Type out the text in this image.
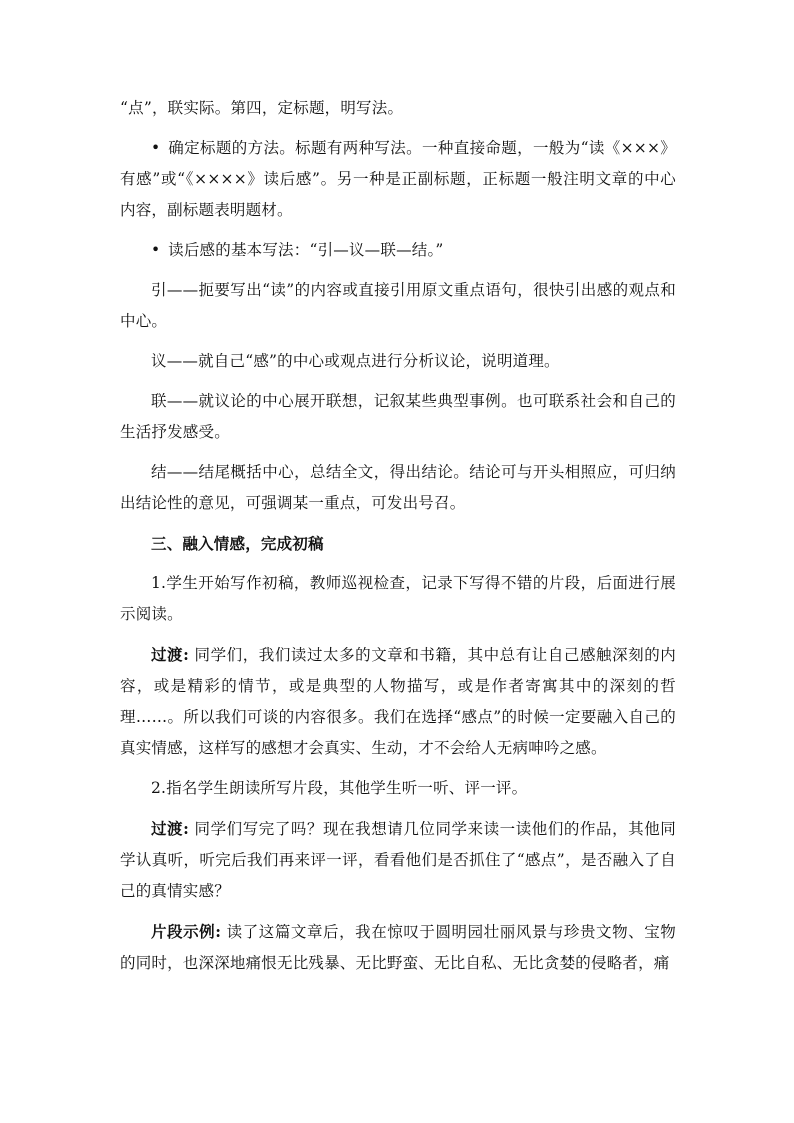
“点”，联实际。第四，定标题，明写法。

• 确定标题的方法。标题有两种写法。一种直接命题，一般为“读《×××》有感”或“《××××》读后感”。另一种是正副标题，正标题一般注明文章的中心内容，副标题表明题材。

• 读后感的基本写法：“引—议—联—结。”

引——扼要写出“读”的内容或直接引用原文重点语句，很快引出感的观点和中心。

议——就自己“感”的中心或观点进行分析议论，说明道理。

联——就议论的中心展开联想，记叙某些典型事例。也可联系社会和自己的生活抒发感受。

结——结尾概括中心，总结全文，得出结论。结论可与开头相照应，可归纳出结论性的意见，可强调某一重点，可发出号召。

三、融入情感，完成初稿

1.学生开始写作初稿，教师巡视检查，记录下写得不错的片段，后面进行展示阅读。

过渡: 同学们，我们读过太多的文章和书籍，其中总有让自己感触深刻的内容，或是精彩的情节，或是典型的人物描写，或是作者寄寓其中的深刻的哲理……。所以我们可谈的内容很多。我们在选择“感点”的时候一定要融入自己的真实情感，这样写的感想才会真实、生动，才不会给人无病呻吟之感。

2.指名学生朗读所写片段，其他学生听一听、评一评。

过渡: 同学们写完了吗？现在我想请几位同学来读一读他们的作品，其他同学认真听，听完后我们再来评一评，看看他们是否抓住了“感点”，是否融入了自己的真情实感？

片段示例: 读了这篇文章后，我在惊叹于圆明园壮丽风景与珍贵文物、宝物的同时，也深深地痛恨无比残暴、无比野蛮、无比自私、无比贪婪的侵略者，痛
